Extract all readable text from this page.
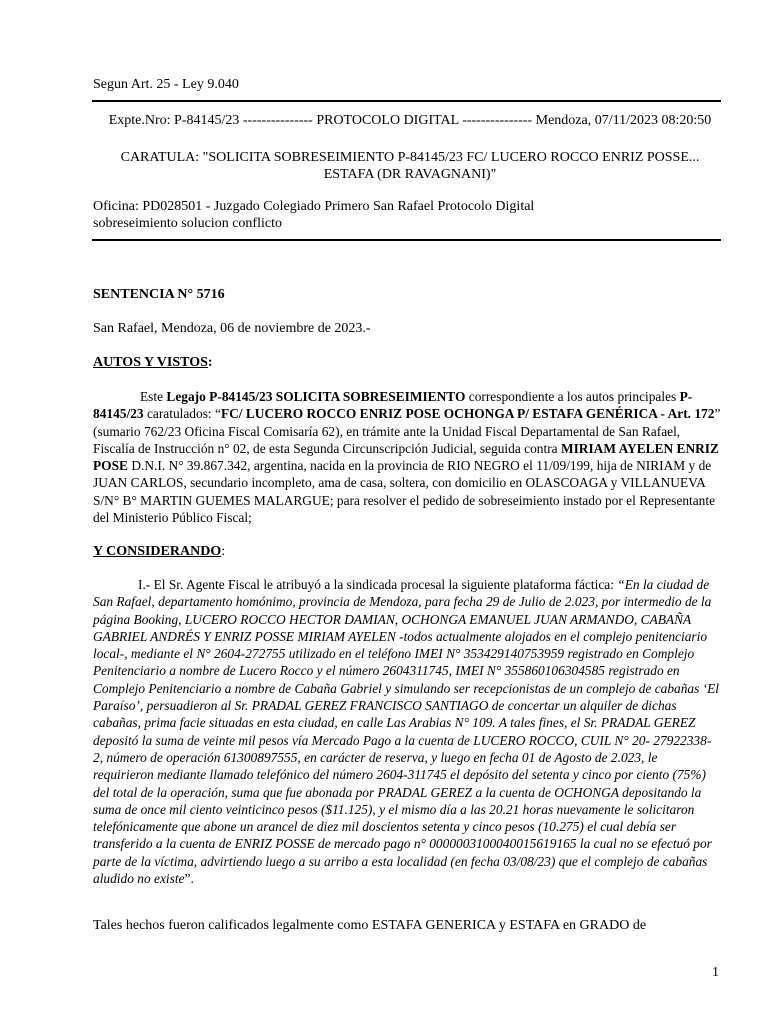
Segun Art. 25 - Ley 9.040
Expte.Nro: P-84145/23 --------------- PROTOCOLO DIGITAL --------------- Mendoza, 07/11/2023 08:20:50
CARATULA: "SOLICITA SOBRESEIMIENTO P-84145/23 FC/ LUCERO ROCCO ENRIZ POSSE...
ESTAFA (DR RAVAGNANI)"
Oficina: PD028501 - Juzgado Colegiado Primero San Rafael Protocolo Digital
sobreseimiento solucion conflicto
SENTENCIA N° 5716
San Rafael, Mendoza, 06 de noviembre de 2023.-
AUTOS Y VISTOS:
Este Legajo P-84145/23 SOLICITA SOBRESEIMIENTO correspondiente a los autos principales P-84145/23 caratulados: “FC/ LUCERO ROCCO ENRIZ POSE OCHONGA P/ ESTAFA GENÉRICA - Art. 172” (sumario 762/23 Oficina Fiscal Comisaría 62), en trámite ante la Unidad Fiscal Departamental de San Rafael, Fiscalía de Instrucción n° 02, de esta Segunda Circunscripción Judicial, seguida contra MIRIAM AYELEN ENRIZ POSE D.N.I. N° 39.867.342, argentina, nacida en la provincia de RIO NEGRO el 11/09/199, hija de NIRIAM y de JUAN CARLOS, secundario incompleto, ama de casa, soltera, con domicilio en OLASCOAGA y VILLANUEVA S/N° B° MARTIN GUEMES MALARGUE; para resolver el pedido de sobreseimiento instado por el Representante del Ministerio Público Fiscal;
Y CONSIDERANDO:
I.- El Sr. Agente Fiscal le atribuyó a la sindicada procesal la siguiente plataforma fáctica: “En la ciudad de San Rafael, departamento homónimo, provincia de Mendoza, para fecha 29 de Julio de 2.023, por intermedio de la página Booking, LUCERO ROCCO HECTOR DAMIAN, OCHONGA EMANUEL JUAN ARMANDO, CABAÑA GABRIEL ANDRÉS Y ENRIZ POSSE MIRIAM AYELEN -todos actualmente alojados en el complejo penitenciario local-, mediante el N° 2604-272755 utilizado en el teléfono IMEI N° 353429140753959 registrado en Complejo Penitenciario a nombre de Lucero Rocco y el número 2604311745, IMEI N° 355860106304585 registrado en Complejo Penitenciario a nombre de Cabaña Gabriel y simulando ser recepcionistas de un complejo de cabañas ‘El Paraíso’, persuadieron al Sr. PRADAL GEREZ FRANCISCO SANTIAGO de concertar un alquiler de dichas cabañas, prima facie situadas en esta ciudad, en calle Las Arabias N° 109. A tales fines, el Sr. PRADAL GEREZ depositó la suma de veinte mil pesos vía Mercado Pago a la cuenta de LUCERO ROCCO, CUIL N° 20- 27922338-2, número de operación 61300897555, en carácter de reserva, y luego en fecha 01 de Agosto de 2.023, le requirieron mediante llamado telefónico del número 2604-311745 el depósito del setenta y cinco por ciento (75%) del total de la operación, suma que fue abonada por PRADAL GEREZ a la cuenta de OCHONGA depositando la suma de once mil ciento veinticinco pesos ($11.125), y el mismo día a las 20.21 horas nuevamente le solicitaron telefónicamente que abone un arancel de diez mil doscientos setenta y cinco pesos (10.275) el cual debía ser transferido a la cuenta de ENRIZ POSSE de mercado pago n° 0000003100040015619165 la cual no se efectuó por parte de la víctima, advirtiendo luego a su arribo a esta localidad (en fecha 03/08/23) que el complejo de cabañas aludido no existe”.
Tales hechos fueron calificados legalmente como ESTAFA GENERICA y ESTAFA en GRADO de
1
